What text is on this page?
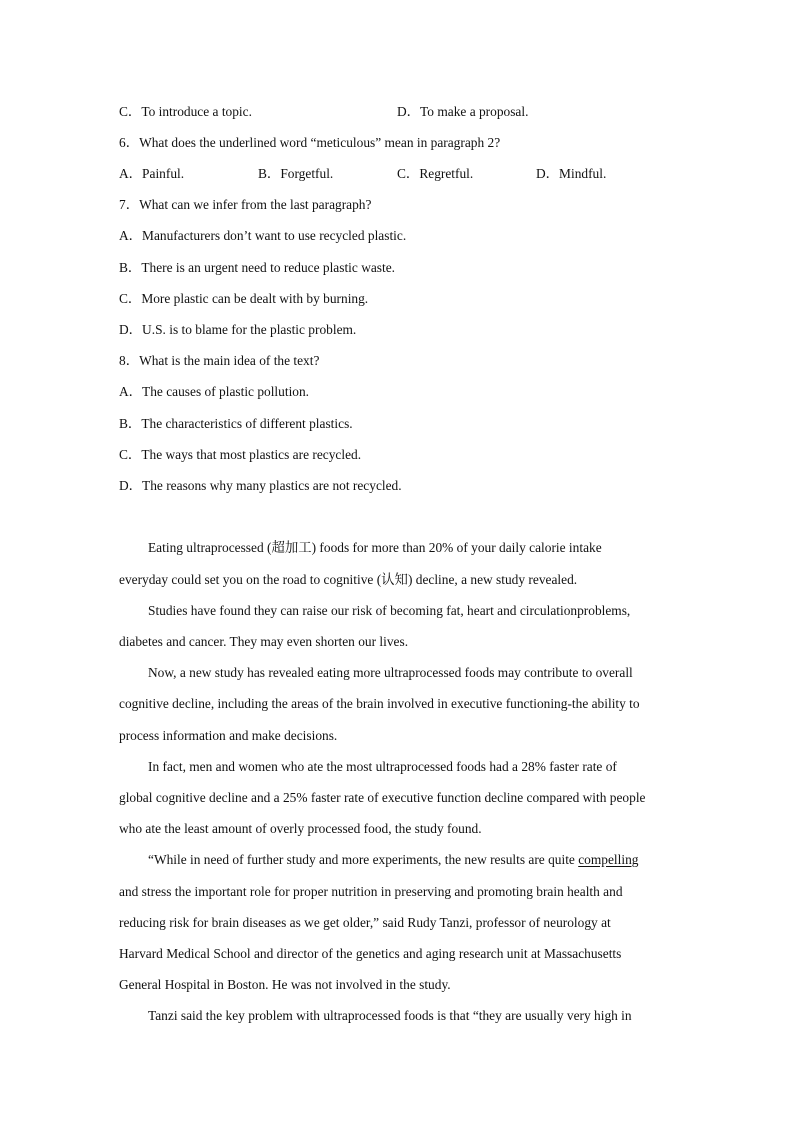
C．To introduce a topic.	D．To make a proposal.
6．What does the underlined word “meticulous” mean in paragraph 2?
A．Painful.	B．Forgetful.	C．Regretful.	D．Mindful.
7．What can we infer from the last paragraph?
A．Manufacturers don’t want to use recycled plastic.
B．There is an urgent need to reduce plastic waste.
C．More plastic can be dealt with by burning.
D．U.S. is to blame for the plastic problem.
8．What is the main idea of the text?
A．The causes of plastic pollution.
B．The characteristics of different plastics.
C．The ways that most plastics are recycled.
D．The reasons why many plastics are not recycled.
Eating ultraprocessed (超加工) foods for more than 20% of your daily calorie intake
everyday could set you on the road to cognitive (认知) decline, a new study revealed.
Studies have found they can raise our risk of becoming fat, heart and circulationproblems,
diabetes and cancer. They may even shorten our lives.
Now, a new study has revealed eating more ultraprocessed foods may contribute to overall
cognitive decline, including the areas of the brain involved in executive functioning-the ability to
process information and make decisions.
In fact, men and women who ate the most ultraprocessed foods had a 28% faster rate of
global cognitive decline and a 25% faster rate of executive function decline compared with people
who ate the least amount of overly processed food, the study found.
“While in need of further study and more experiments, the new results are quite compelling
and stress the important role for proper nutrition in preserving and promoting brain health and
reducing risk for brain diseases as we get older,” said Rudy Tanzi, professor of neurology at
Harvard Medical School and director of the genetics and aging research unit at Massachusetts
General Hospital in Boston. He was not involved in the study.
Tanzi said the key problem with ultraprocessed foods is that “they are usually very high in
